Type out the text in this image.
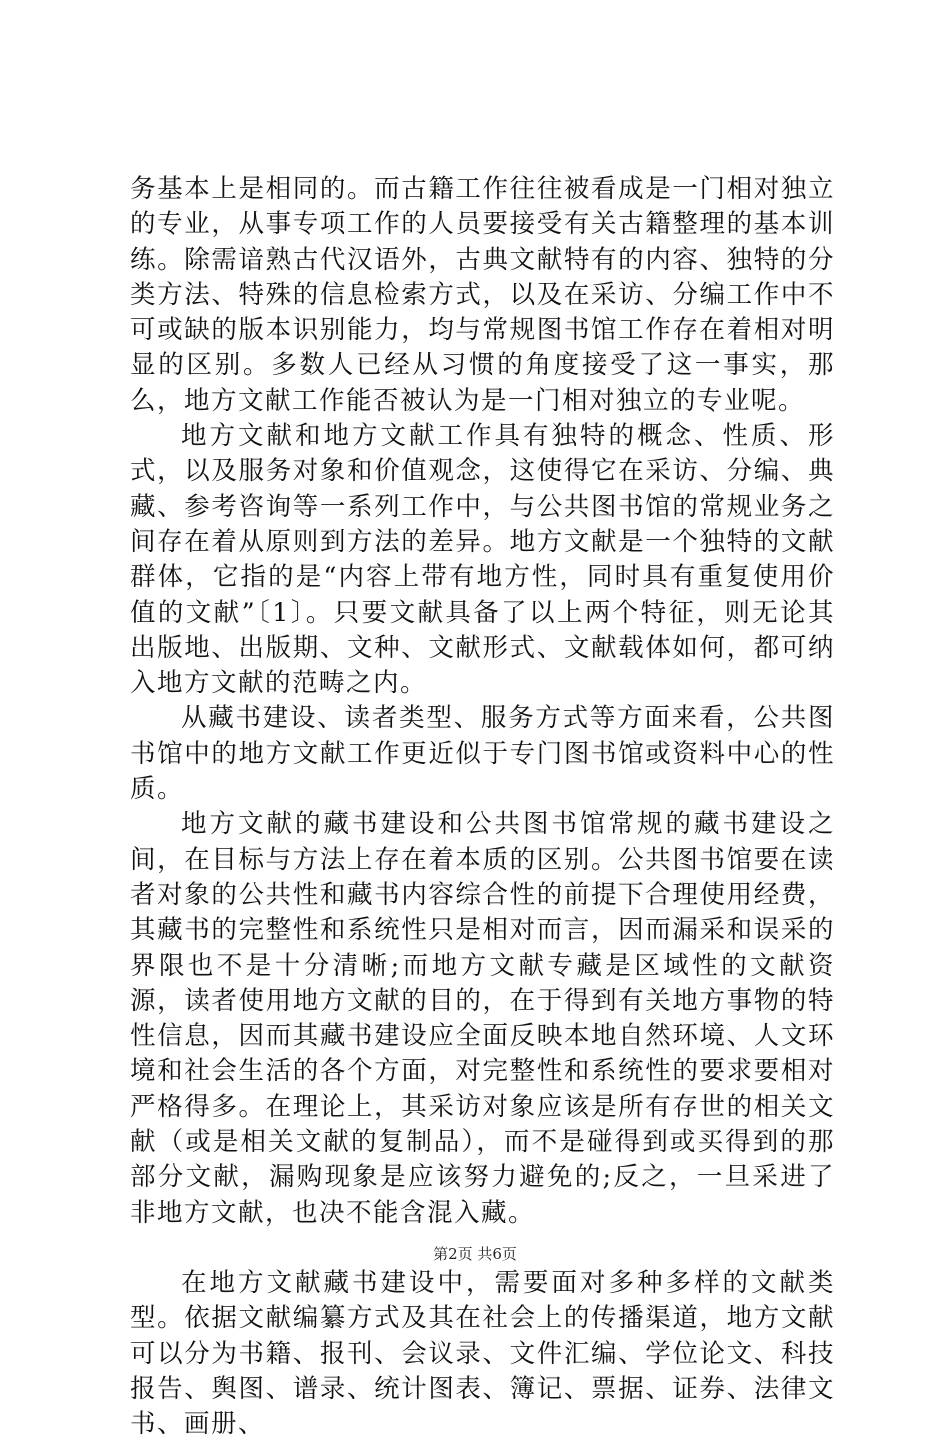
务基本上是相同的。而古籍工作往往被看成是一门相对独立的专业，从事专项工作的人员要接受有关古籍整理的基本训练。除需谙熟古代汉语外，古典文献特有的内容、独特的分类方法、特殊的信息检索方式，以及在采访、分编工作中不可或缺的版本识别能力，均与常规图书馆工作存在着相对明显的区别。多数人已经从习惯的角度接受了这一事实，那么，地方文献工作能否被认为是一门相对独立的专业呢。

地方文献和地方文献工作具有独特的概念、性质、形式，以及服务对象和价值观念，这使得它在采访、分编、典藏、参考咨询等一系列工作中，与公共图书馆的常规业务之间存在着从原则到方法的差异。地方文献是一个独特的文献群体，它指的是“内容上带有地方性，同时具有重复使用价值的文献”〔1〕。只要文献具备了以上两个特征，则无论其出版地、出版期、文种、文献形式、文献载体如何，都可纳入地方文献的范畴之内。

从藏书建设、读者类型、服务方式等方面来看，公共图书馆中的地方文献工作更近似于专门图书馆或资料中心的性质。

地方文献的藏书建设和公共图书馆常规的藏书建设之间，在目标与方法上存在着本质的区别。公共图书馆要在读者对象的公共性和藏书内容综合性的前提下合理使用经费，其藏书的完整性和系统性只是相对而言，因而漏采和误采的界限也不是十分清晰;而地方文献专藏是区域性的文献资源，读者使用地方文献的目的，在于得到有关地方事物的特性信息，因而其藏书建设应全面反映本地自然环境、人文环境和社会生活的各个方面，对完整性和系统性的要求要相对严格得多。在理论上，其采访对象应该是所有存世的相关文献（或是相关文献的复制品），而不是碰得到或买得到的那部分文献，漏购现象是应该努力避免的;反之，一旦采进了非地方文献，也决不能含混入藏。

在地方文献藏书建设中，需要面对多种多样的文献类型。依据文献编纂方式及其在社会上的传播渠道，地方文献可以分为书籍、报刊、会议录、文件汇编、学位论文、科技报告、舆图、谱录、统计图表、簿记、票据、证券、法律文书、画册、

第2页 共6页
